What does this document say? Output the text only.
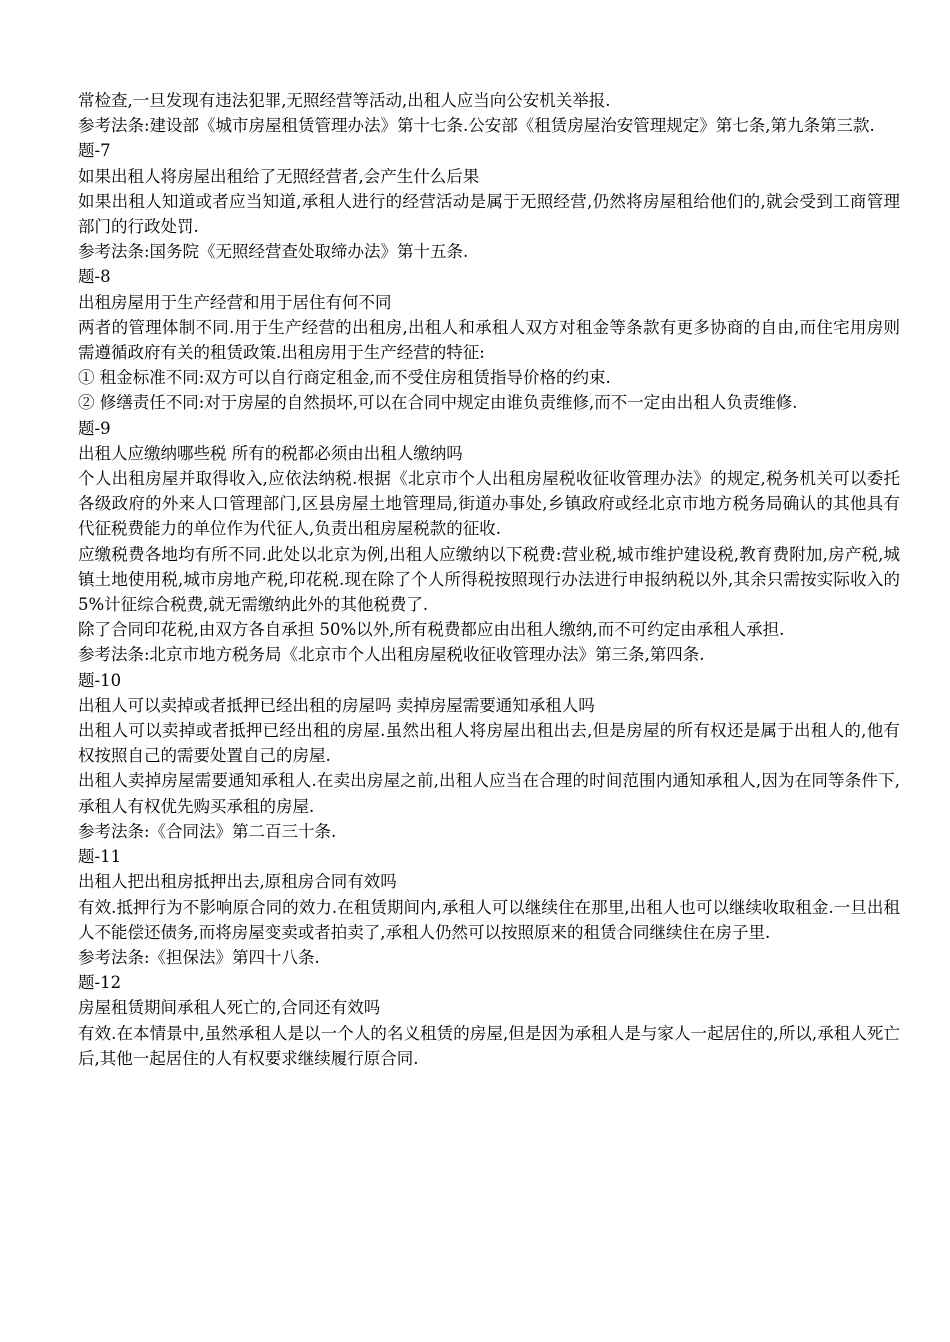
常检查,一旦发现有违法犯罪,无照经营等活动,出租人应当向公安机关举报.

参考法条:建设部《城市房屋租赁管理办法》第十七条.公安部《租赁房屋治安管理规定》第七条,第九条第三款.

题-7

如果出租人将房屋出租给了无照经营者,会产生什么后果

如果出租人知道或者应当知道,承租人进行的经营活动是属于无照经营,仍然将房屋租给他们的,就会受到工商管理部门的行政处罚.

参考法条:国务院《无照经营查处取缔办法》第十五条.

题-8

出租房屋用于生产经营和用于居住有何不同

两者的管理体制不同.用于生产经营的出租房,出租人和承租人双方对租金等条款有更多协商的自由,而住宅用房则需遵循政府有关的租赁政策.出租房用于生产经营的特征:

① 租金标准不同:双方可以自行商定租金,而不受住房租赁指导价格的约束.

② 修缮责任不同:对于房屋的自然损坏,可以在合同中规定由谁负责维修,而不一定由出租人负责维修.

题-9

出租人应缴纳哪些税 所有的税都必须由出租人缴纳吗

个人出租房屋并取得收入,应依法纳税.根据《北京市个人出租房屋税收征收管理办法》的规定,税务机关可以委托各级政府的外来人口管理部门,区县房屋土地管理局,街道办事处,乡镇政府或经北京市地方税务局确认的其他具有代征税费能力的单位作为代征人,负责出租房屋税款的征收.

应缴税费各地均有所不同.此处以北京为例,出租人应缴纳以下税费:营业税,城市维护建设税,教育费附加,房产税,城镇土地使用税,城市房地产税,印花税.现在除了个人所得税按照现行办法进行申报纳税以外,其余只需按实际收入的 5%计征综合税费,就无需缴纳此外的其他税费了.

除了合同印花税,由双方各自承担 50%以外,所有税费都应由出租人缴纳,而不可约定由承租人承担.

参考法条:北京市地方税务局《北京市个人出租房屋税收征收管理办法》第三条,第四条.

题-10

出租人可以卖掉或者抵押已经出租的房屋吗 卖掉房屋需要通知承租人吗

出租人可以卖掉或者抵押已经出租的房屋.虽然出租人将房屋出租出去,但是房屋的所有权还是属于出租人的,他有权按照自己的需要处置自己的房屋.

出租人卖掉房屋需要通知承租人.在卖出房屋之前,出租人应当在合理的时间范围内通知承租人,因为在同等条件下,承租人有权优先购买承租的房屋.

参考法条:《合同法》第二百三十条.

题-11

出租人把出租房抵押出去,原租房合同有效吗

有效.抵押行为不影响原合同的效力.在租赁期间内,承租人可以继续住在那里,出租人也可以继续收取租金.一旦出租人不能偿还债务,而将房屋变卖或者拍卖了,承租人仍然可以按照原来的租赁合同继续住在房子里.

参考法条:《担保法》第四十八条.

题-12

房屋租赁期间承租人死亡的,合同还有效吗

有效.在本情景中,虽然承租人是以一个人的名义租赁的房屋,但是因为承租人是与家人一起居住的,所以,承租人死亡后,其他一起居住的人有权要求继续履行原合同.
